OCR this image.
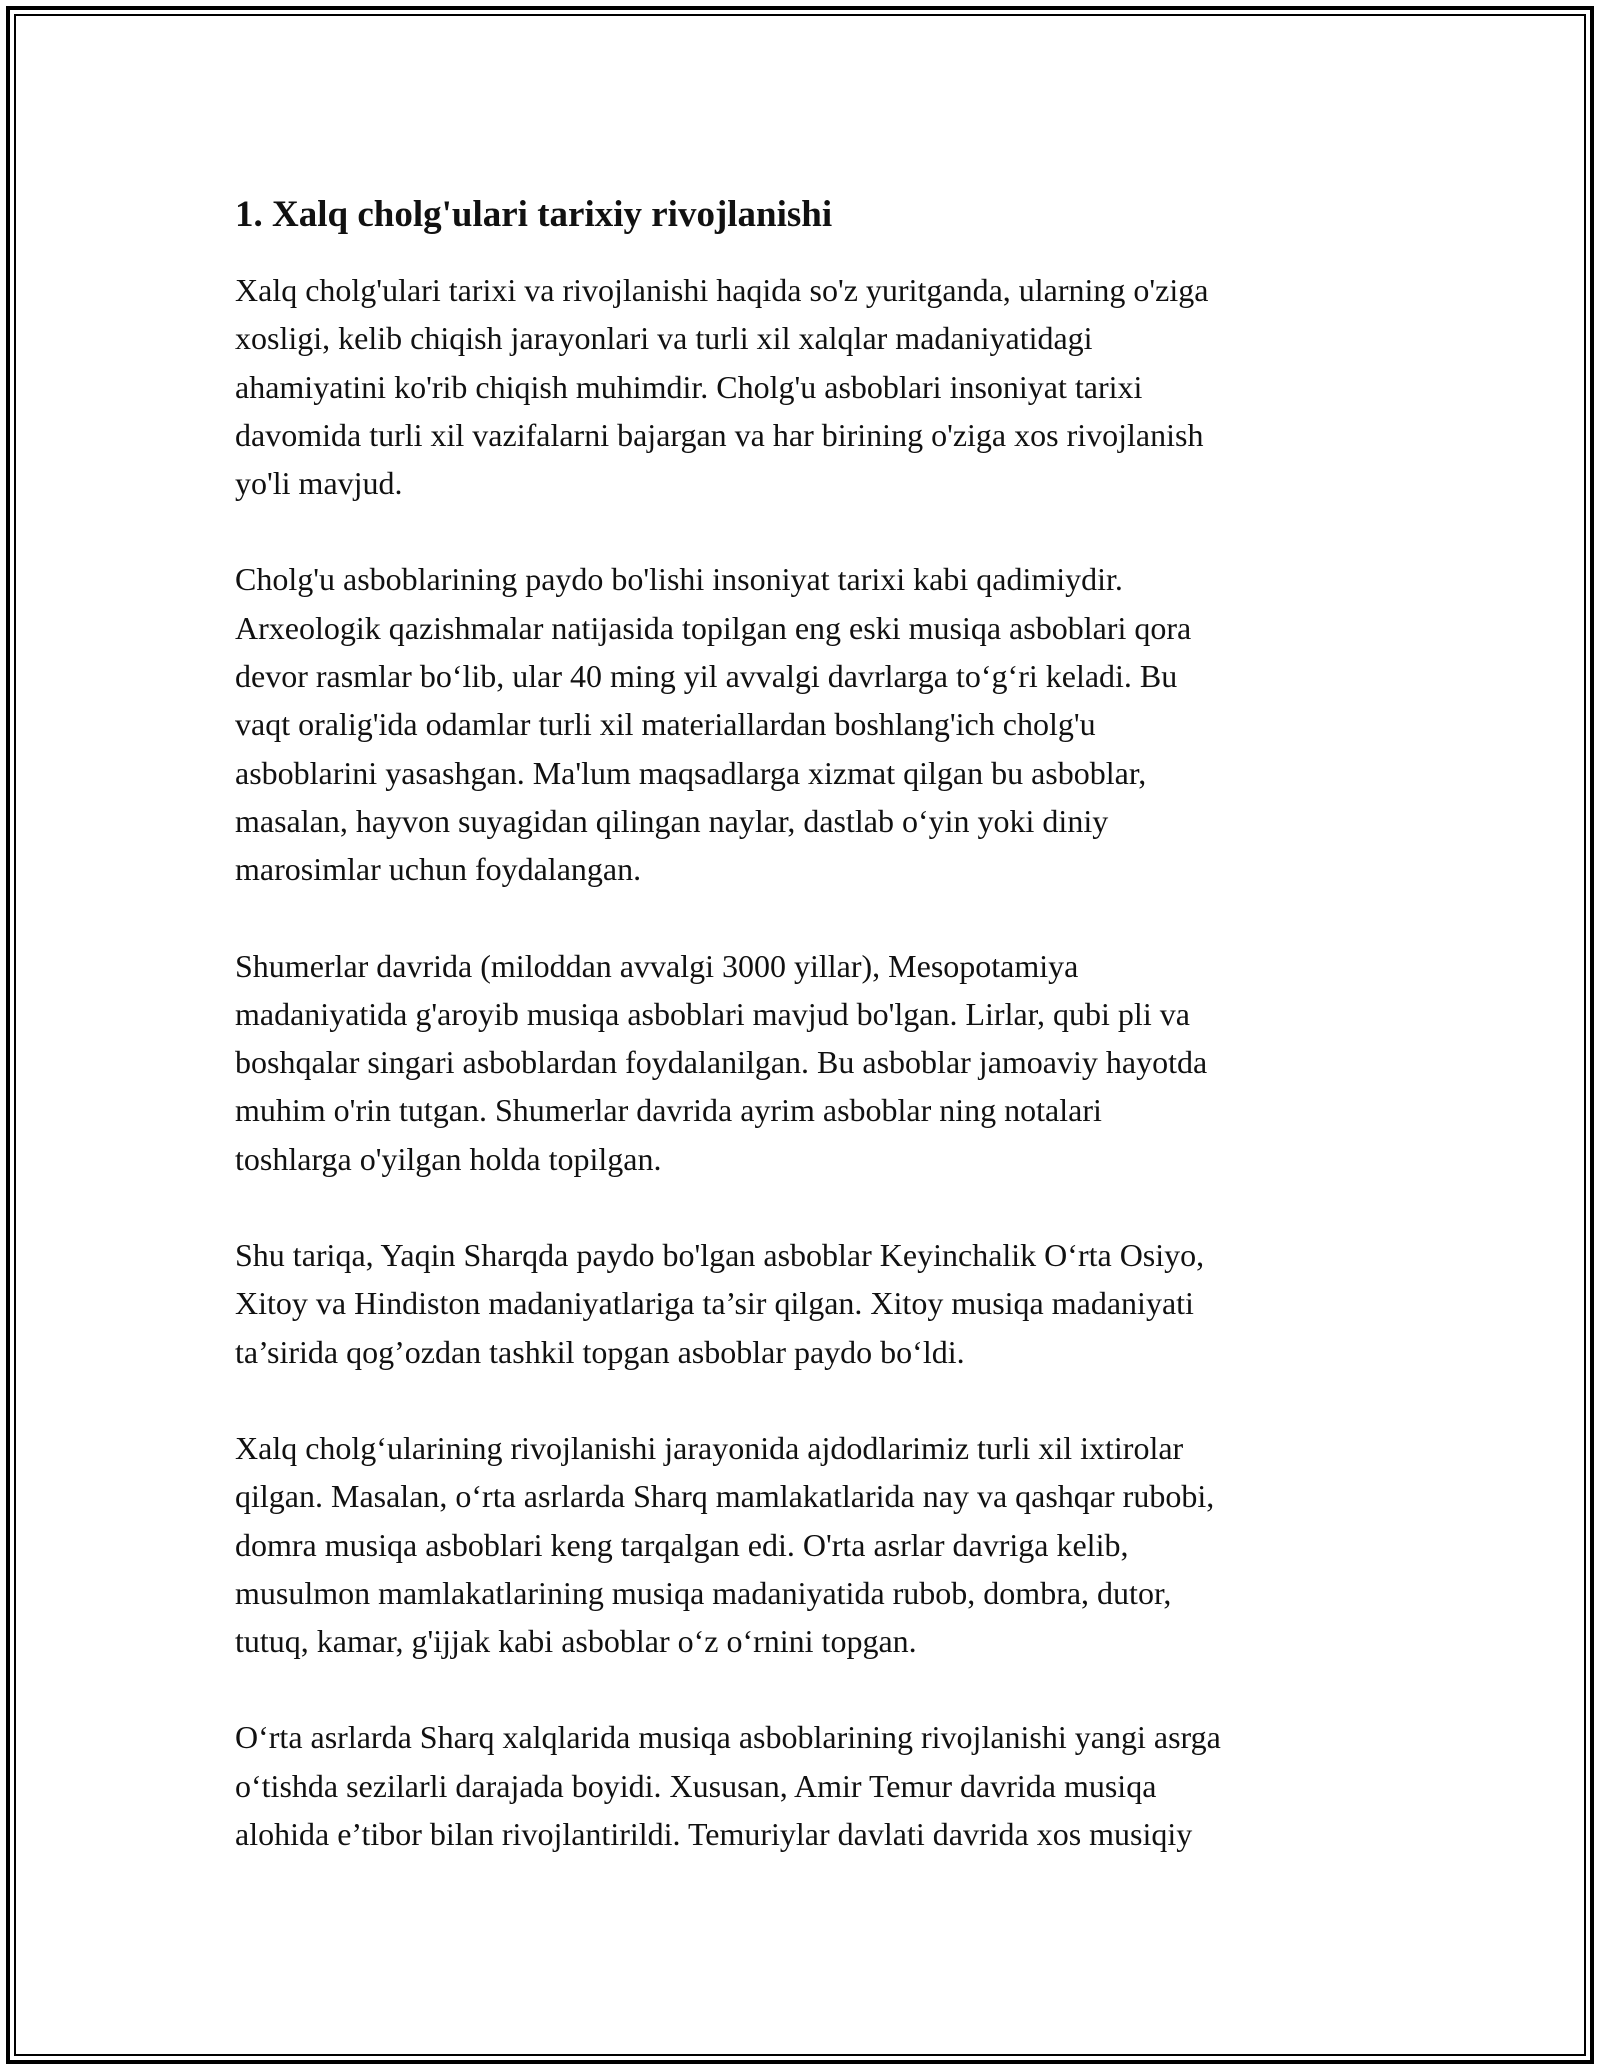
1. Xalq cholg'ulari tarixiy rivojlanishi

Xalq cholg'ulari tarixi va rivojlanishi haqida so'z yuritganda, ularning o'ziga
xosligi, kelib chiqish jarayonlari va turli xil xalqlar madaniyatidagi
ahamiyatini ko'rib chiqish muhimdir. Cholg'u asboblari insoniyat tarixi
davomida turli xil vazifalarni bajargan va har birining o'ziga xos rivojlanish
yo'li mavjud.

Cholg'u asboblarining paydo bo'lishi insoniyat tarixi kabi qadimiydir.
Arxeologik qazishmalar natijasida topilgan eng eski musiqa asboblari qora
devor rasmlar bo‘lib, ular 40 ming yil avvalgi davrlarga to‘g‘ri keladi. Bu
vaqt oralig'ida odamlar turli xil materiallardan boshlang'ich cholg'u
asboblarini yasashgan. Ma'lum maqsadlarga xizmat qilgan bu asboblar,
masalan, hayvon suyagidan qilingan naylar, dastlab o‘yin yoki diniy
marosimlar uchun foydalangan.

Shumerlar davrida (miloddan avvalgi 3000 yillar), Mesopotamiya
madaniyatida g'aroyib musiqa asboblari mavjud bo'lgan. Lirlar, qubi pli va
boshqalar singari asboblardan foydalanilgan. Bu asboblar jamoaviy hayotda
muhim o'rin tutgan. Shumerlar davrida ayrim asboblar ning notalari
toshlarga o'yilgan holda topilgan.

Shu tariqa, Yaqin Sharqda paydo bo'lgan asboblar Keyinchalik O‘rta Osiyo,
Xitoy va Hindiston madaniyatlariga ta’sir qilgan. Xitoy musiqa madaniyati
ta’sirida qog’ozdan tashkil topgan asboblar paydo bo‘ldi.

Xalq cholg‘ularining rivojlanishi jarayonida ajdodlarimiz turli xil ixtirolar
qilgan. Masalan, o‘rta asrlarda Sharq mamlakatlarida nay va qashqar rubobi,
domra musiqa asboblari keng tarqalgan edi. O'rta asrlar davriga kelib,
musulmon mamlakatlarining musiqa madaniyatida rubob, dombra, dutor,
tutuq, kamar, g'ijjak kabi asboblar o‘z o‘rnini topgan.

O‘rta asrlarda Sharq xalqlarida musiqa asboblarining rivojlanishi yangi asrga
o‘tishda sezilarli darajada boyidi. Xususan, Amir Temur davrida musiqa
alohida e’tibor bilan rivojlantirildi. Temuriylar davlati davrida xos musiqiy
